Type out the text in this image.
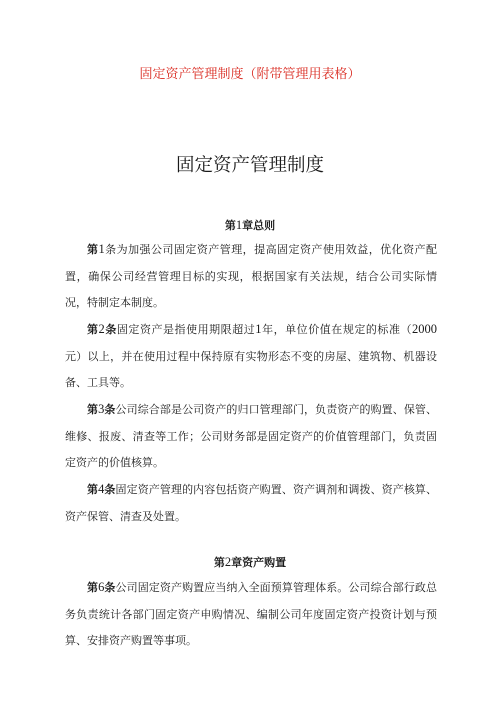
固定资产管理制度（附带管理用表格）
固定资产管理制度
第1章总则

第1条为加强公司固定资产管理，提高固定资产使用效益，优化资产配置，确保公司经营管理目标的实现，根据国家有关法规，结合公司实际情况，特制定本制度。

第2条固定资产是指使用期限超过1年，单位价值在规定的标准（2000元）以上，并在使用过程中保持原有实物形态不变的房屋、建筑物、机器设备、工具等。

第3条公司综合部是公司资产的归口管理部门，负责资产的购置、保管、维修、报废、清查等工作；公司财务部是固定资产的价值管理部门，负责固定资产的价值核算。

第4条固定资产管理的内容包括资产购置、资产调剂和调拨、资产核算、资产保管、清查及处置。

第2章资产购置

第6条公司固定资产购置应当纳入全面预算管理体系。公司综合部行政总务负责统计各部门固定资产申购情况、编制公司年度固定资产投资计划与预算、安排资产购置等事项。
